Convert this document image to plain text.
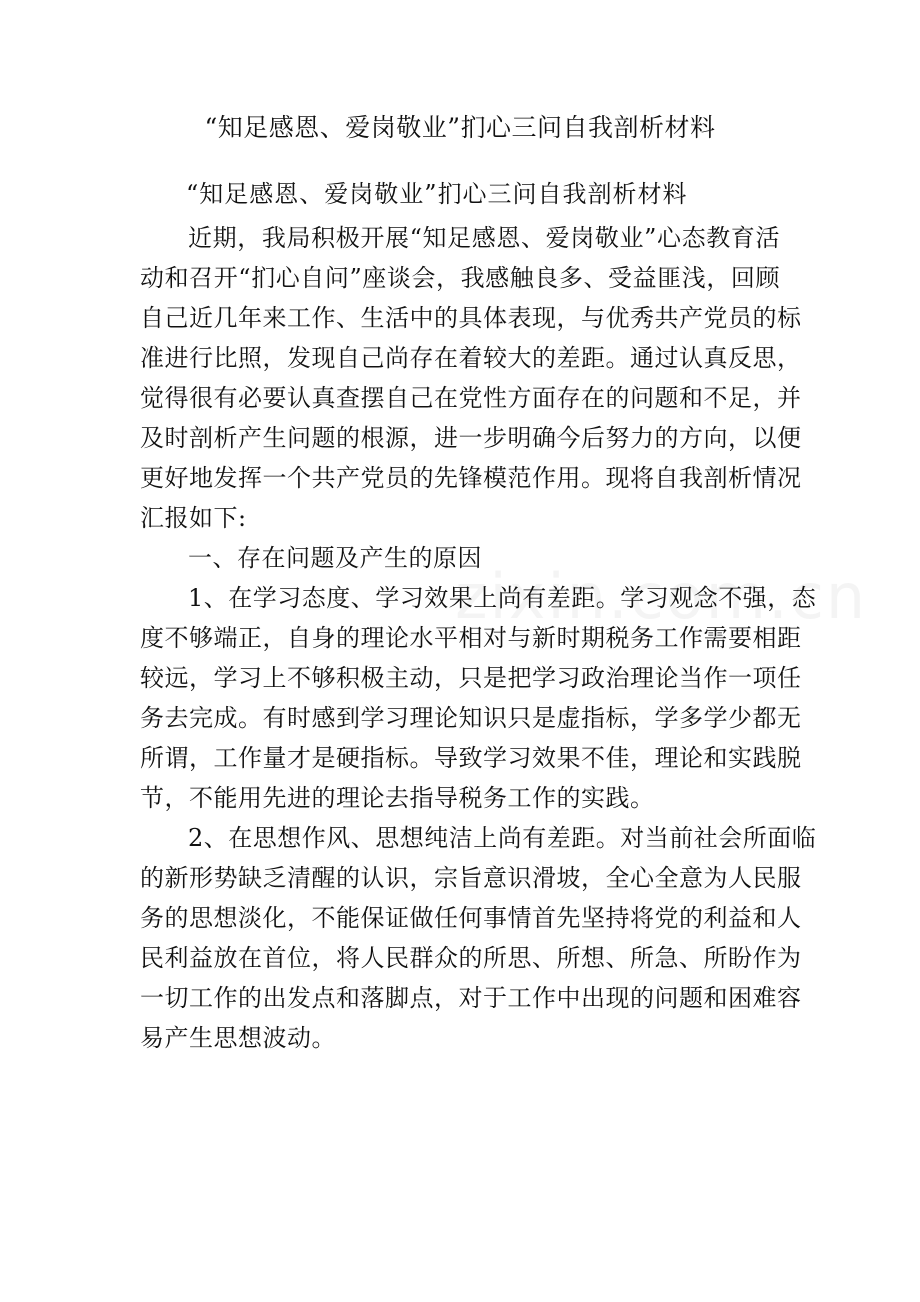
“知足感恩、爱岗敬业”扪心三问自我剖析材料
“知足感恩、爱岗敬业”扪心三问自我剖析材料
近期，我局积极开展“知足感恩、爱岗敬业”心态教育活
动和召开“扪心自问”座谈会，我感触良多、受益匪浅，回顾
自己近几年来工作、生活中的具体表现，与优秀共产党员的标
准进行比照，发现自己尚存在着较大的差距。通过认真反思，
觉得很有必要认真查摆自己在党性方面存在的问题和不足，并
及时剖析产生问题的根源，进一步明确今后努力的方向，以便
更好地发挥一个共产党员的先锋模范作用。现将自我剖析情况
汇报如下:
一、存在问题及产生的原因
1、在学习态度、学习效果上尚有差距。学习观念不强，态
度不够端正，自身的理论水平相对与新时期税务工作需要相距
较远，学习上不够积极主动，只是把学习政治理论当作一项任
务去完成。有时感到学习理论知识只是虚指标，学多学少都无
所谓，工作量才是硬指标。导致学习效果不佳，理论和实践脱
节，不能用先进的理论去指导税务工作的实践。
2、在思想作风、思想纯洁上尚有差距。对当前社会所面临
的新形势缺乏清醒的认识，宗旨意识滑坡，全心全意为人民服
务的思想淡化，不能保证做任何事情首先坚持将党的利益和人
民利益放在首位，将人民群众的所思、所想、所急、所盼作为
一切工作的出发点和落脚点，对于工作中出现的问题和困难容
易产生思想波动。
